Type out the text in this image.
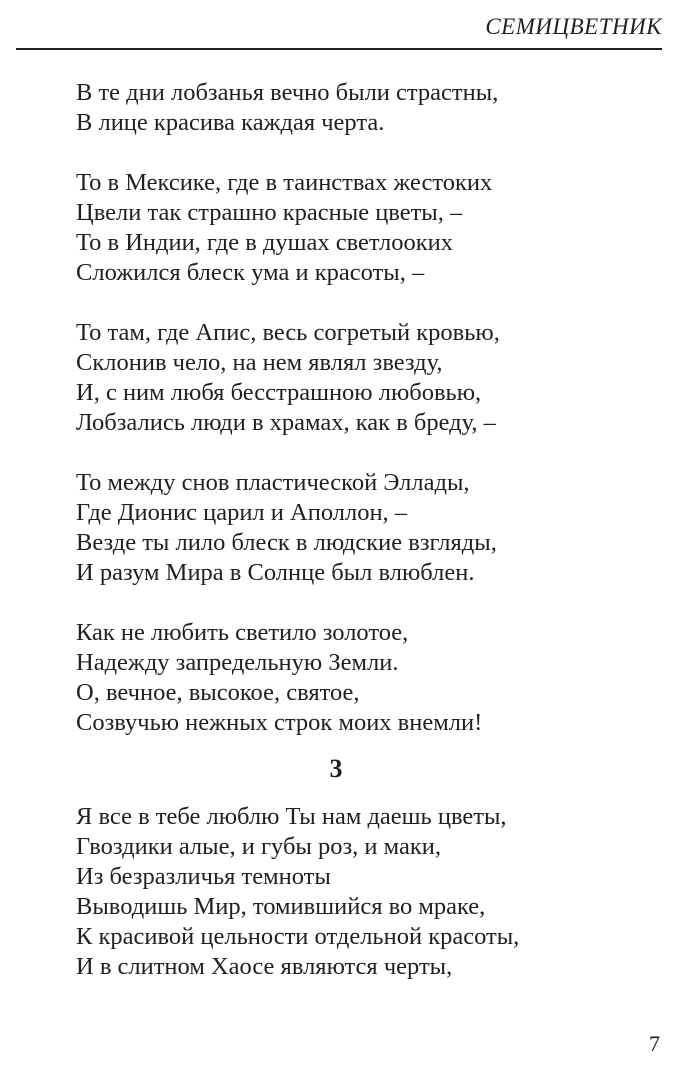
СЕМИЦВЕТНИК
В те дни лобзанья вечно были страстны,
В лице красива каждая черта.
То в Мексике, где в таинствах жестоких
Цвели так страшно красные цветы, –
То в Индии, где в душах светлооких
Сложился блеск ума и красоты, –
То там, где Апис, весь согретый кровью,
Склонив чело, на нем являл звезду,
И, с ним любя бесстрашною любовью,
Лобзались люди в храмах, как в бреду, –
То между снов пластической Эллады,
Где Дионис царил и Аполлон, –
Везде ты лило блеск в людские взгляды,
И разум Мира в Солнце был влюблен.
Как не любить светило золотое,
Надежду запредельную Земли.
О, вечное, высокое, святое,
Созвучью нежных строк моих внемли!
3
Я все в тебе люблю Ты нам даешь цветы,
Гвоздики алые, и губы роз, и маки,
Из безразличья темноты
Выводишь Мир, томившийся во мраке,
К красивой цельности отдельной красоты,
И в слитном Хаосе являются черты,
7
